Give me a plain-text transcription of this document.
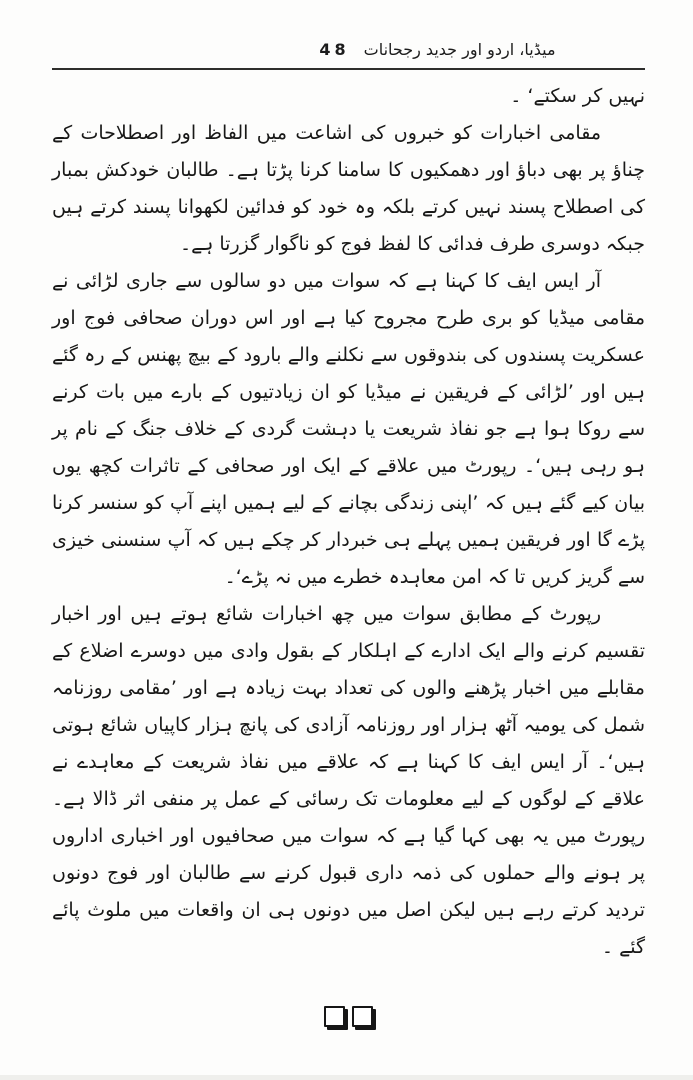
48 میڈیا، اردو اور جدید رجحانات

نہیں کر سکتے‘ ۔

مقامی اخبارات کو خبروں کی اشاعت میں الفاظ اور اصطلاحات کے چناؤ پر بھی دباؤ اور دھمکیوں کا سامنا کرنا پڑتا ہے۔ طالبان خودکش بمبار کی اصطلاح پسند نہیں کرتے بلکہ وہ خود کو فدائین لکھوانا پسند کرتے ہیں جبکہ دوسری طرف فدائی کا لفظ فوج کو ناگوار گزرتا ہے۔

آر ایس ایف کا کہنا ہے کہ سوات میں دو سالوں سے جاری لڑائی نے مقامی میڈیا کو بری طرح مجروح کیا ہے اور اس دوران صحافی فوج اور عسکریت پسندوں کی بندوقوں سے نکلنے والے بارود کے بیچ پھنس کے رہ گئے ہیں اور ’لڑائی کے فریقین نے میڈیا کو ان زیادتیوں کے بارے میں بات کرنے سے روکا ہوا ہے جو نفاذ شریعت یا دہشت گردی کے خلاف جنگ کے نام پر ہو رہی ہیں‘۔ رپورٹ میں علاقے کے ایک اور صحافی کے تاثرات کچھ یوں بیان کیے گئے ہیں کہ ’اپنی زندگی بچانے کے لیے ہمیں اپنے آپ کو سنسر کرنا پڑے گا اور فریقین ہمیں پہلے ہی خبردار کر چکے ہیں کہ آپ سنسنی خیزی سے گریز کریں تا کہ امن معاہدہ خطرے میں نہ پڑے‘۔

رپورٹ کے مطابق سوات میں چھ اخبارات شائع ہوتے ہیں اور اخبار تقسیم کرنے والے ایک ادارے کے اہلکار کے بقول وادی میں دوسرے اضلاع کے مقابلے میں اخبار پڑھنے والوں کی تعداد بہت زیادہ ہے اور ’مقامی روزنامہ شمل کی یومیہ آٹھ ہزار اور روزنامہ آزادی کی پانچ ہزار کاپیاں شائع ہوتی ہیں‘۔ آر ایس ایف کا کہنا ہے کہ علاقے میں نفاذ شریعت کے معاہدے نے علاقے کے لوگوں کے لیے معلومات تک رسائی کے عمل پر منفی اثر ڈالا ہے۔ رپورٹ میں یہ بھی کہا گیا ہے کہ سوات میں صحافیوں اور اخباری اداروں پر ہونے والے حملوں کی ذمہ داری قبول کرنے سے طالبان اور فوج دونوں تردید کرتے رہے ہیں لیکن اصل میں دونوں ہی ان واقعات میں ملوث پائے گئے ۔
